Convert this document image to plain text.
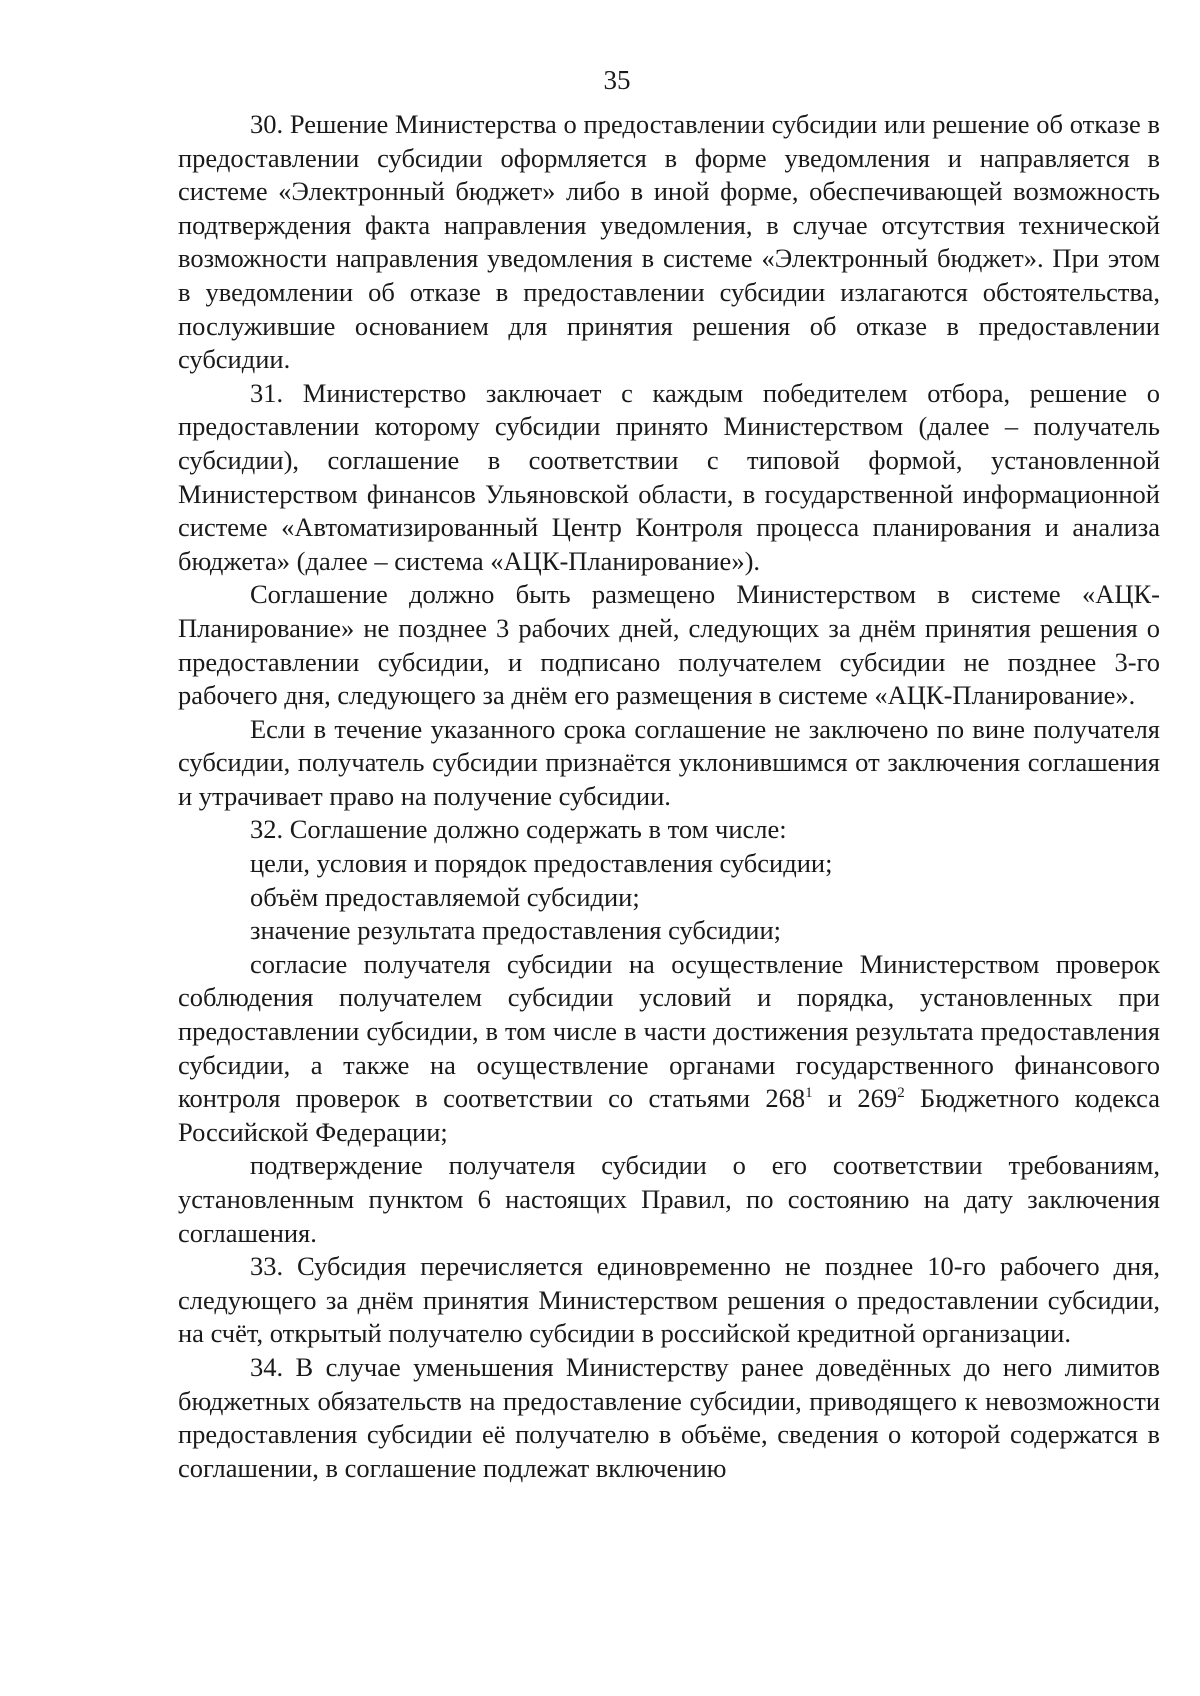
35

30. Решение Министерства о предоставлении субсидии или решение об отказе в предоставлении субсидии оформляется в форме уведомления и направляется в системе «Электронный бюджет» либо в иной форме, обеспечивающей возможность подтверждения факта направления уведомления, в случае отсутствия технической возможности направления уведомления в системе «Электронный бюджет». При этом в уведомлении об отказе в предоставлении субсидии излагаются обстоятельства, послужившие основанием для принятия решения об отказе в предоставлении субсидии.

31. Министерство заключает с каждым победителем отбора, решение о предоставлении которому субсидии принято Министерством (далее – получатель субсидии), соглашение в соответствии с типовой формой, установленной Министерством финансов Ульяновской области, в государственной информационной системе «Автоматизированный Центр Контроля процесса планирования и анализа бюджета» (далее – система «АЦК-Планирование»).

Соглашение должно быть размещено Министерством в системе «АЦК-Планирование» не позднее 3 рабочих дней, следующих за днём принятия решения о предоставлении субсидии, и подписано получателем субсидии не позднее 3-го рабочего дня, следующего за днём его размещения в системе «АЦК-Планирование».

Если в течение указанного срока соглашение не заключено по вине получателя субсидии, получатель субсидии признаётся уклонившимся от заключения соглашения и утрачивает право на получение субсидии.

32. Соглашение должно содержать в том числе:

цели, условия и порядок предоставления субсидии;

объём предоставляемой субсидии;

значение результата предоставления субсидии;

согласие получателя субсидии на осуществление Министерством проверок соблюдения получателем субсидии условий и порядка, установленных при предоставлении субсидии, в том числе в части достижения результата предоставления субсидии, а также на осуществление органами государственного финансового контроля проверок в соответствии со статьями $268^1$ и $269^2$ Бюджетного кодекса Российской Федерации;

подтверждение получателя субсидии о его соответствии требованиям, установленным пунктом 6 настоящих Правил, по состоянию на дату заключения соглашения.

33. Субсидия перечисляется единовременно не позднее 10-го рабочего дня, следующего за днём принятия Министерством решения о предоставлении субсидии, на счёт, открытый получателю субсидии в российской кредитной организации.

34. В случае уменьшения Министерству ранее доведённых до него лимитов бюджетных обязательств на предоставление субсидии, приводящего к невозможности предоставления субсидии её получателю в объёме, сведения о которой содержатся в соглашении, в соглашение подлежат включению
